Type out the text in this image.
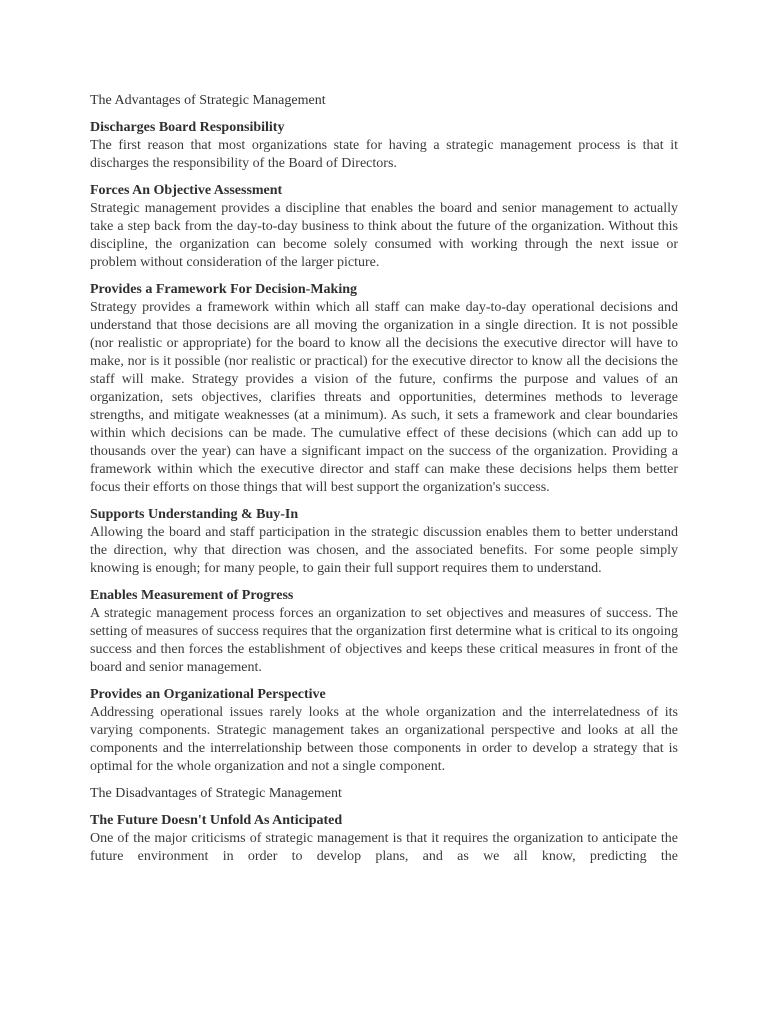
The Advantages of Strategic Management

Discharges Board Responsibility

The first reason that most organizations state for having a strategic management process is that it discharges the responsibility of the Board of Directors.

Forces An Objective Assessment

Strategic management provides a discipline that enables the board and senior management to actually take a step back from the day-to-day business to think about the future of the organization. Without this discipline, the organization can become solely consumed with working through the next issue or problem without consideration of the larger picture.

Provides a Framework For Decision-Making

Strategy provides a framework within which all staff can make day-to-day operational decisions and understand that those decisions are all moving the organization in a single direction. It is not possible (nor realistic or appropriate) for the board to know all the decisions the executive director will have to make, nor is it possible (nor realistic or practical) for the executive director to know all the decisions the staff will make. Strategy provides a vision of the future, confirms the purpose and values of an organization, sets objectives, clarifies threats and opportunities, determines methods to leverage strengths, and mitigate weaknesses (at a minimum). As such, it sets a framework and clear boundaries within which decisions can be made. The cumulative effect of these decisions (which can add up to thousands over the year) can have a significant impact on the success of the organization. Providing a framework within which the executive director and staff can make these decisions helps them better focus their efforts on those things that will best support the organization's success.

Supports Understanding & Buy-In

Allowing the board and staff participation in the strategic discussion enables them to better understand the direction, why that direction was chosen, and the associated benefits. For some people simply knowing is enough; for many people, to gain their full support requires them to understand.

Enables Measurement of Progress

A strategic management process forces an organization to set objectives and measures of success. The setting of measures of success requires that the organization first determine what is critical to its ongoing success and then forces the establishment of objectives and keeps these critical measures in front of the board and senior management.

Provides an Organizational Perspective

Addressing operational issues rarely looks at the whole organization and the interrelatedness of its varying components. Strategic management takes an organizational perspective and looks at all the components and the interrelationship between those components in order to develop a strategy that is optimal for the whole organization and not a single component.

The Disadvantages of Strategic Management

The Future Doesn't Unfold As Anticipated

One of the major criticisms of strategic management is that it requires the organization to anticipate the future environment in order to develop plans, and as we all know, predicting the
